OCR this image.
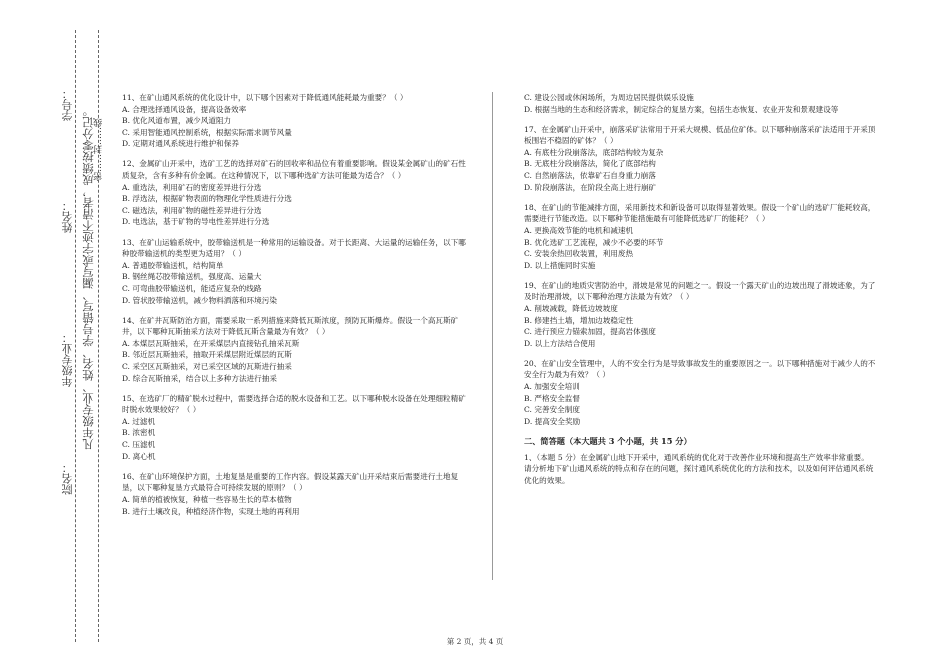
院名：
年级专业：
姓名：
学号：
凡年级专业、姓名、学号错写、漏写或字迹不清者，成绩按零分记。 密……封……线

11、在矿山通风系统的优化设计中，以下哪个因素对于降低通风能耗最为重要？（ ）

A. 合理选择通风设备，提高设备效率

B. 优化风道布置，减少风道阻力

C. 采用智能通风控制系统，根据实际需求调节风量

D. 定期对通风系统进行维护和保养

12、金属矿山开采中，选矿工艺的选择对矿石的回收率和品位有着重要影响。假设某金属矿山的矿石性质复杂，含有多种有价金属。在这种情况下，以下哪种选矿方法可能最为适合？（ ）

A. 重选法，利用矿石的密度差异进行分选

B. 浮选法，根据矿物表面的物理化学性质进行分选

C. 磁选法，利用矿物的磁性差异进行分选

D. 电选法，基于矿物的导电性差异进行分选

13、在矿山运输系统中，胶带输送机是一种常用的运输设备。对于长距离、大运量的运输任务，以下哪种胶带输送机的类型更为适用？（ ）

A. 普通胶带输送机，结构简单

B. 钢丝绳芯胶带输送机，强度高、运量大

C. 可弯曲胶带输送机，能适应复杂的线路

D. 管状胶带输送机，减少物料洒落和环境污染

14、在矿井瓦斯防治方面，需要采取一系列措施来降低瓦斯浓度，预防瓦斯爆炸。假设一个高瓦斯矿井，以下哪种瓦斯抽采方法对于降低瓦斯含量最为有效？（ ）

A. 本煤层瓦斯抽采，在开采煤层内直接钻孔抽采瓦斯

B. 邻近层瓦斯抽采，抽取开采煤层附近煤层的瓦斯

C. 采空区瓦斯抽采，对已采空区域的瓦斯进行抽采

D. 综合瓦斯抽采，结合以上多种方法进行抽采

15、在选矿厂的精矿脱水过程中，需要选择合适的脱水设备和工艺。以下哪种脱水设备在处理细粒精矿时脱水效果较好？（ ）

A. 过滤机

B. 浓密机

C. 压滤机

D. 离心机

16、在矿山环境保护方面，土地复垦是重要的工作内容。假设某露天矿山开采结束后需要进行土地复垦，以下哪种复垦方式最符合可持续发展的原则？（ ）

A. 简单的植被恢复，种植一些容易生长的草本植物

B. 进行土壤改良，种植经济作物，实现土地的再利用

C. 建设公园或休闲场所，为周边居民提供娱乐设施

D. 根据当地的生态和经济需求，制定综合的复垦方案，包括生态恢复、农业开发和景观建设等

17、在金属矿山开采中，崩落采矿法常用于开采大规模、低品位矿体。以下哪种崩落采矿法适用于开采顶板围岩不稳固的矿体？（ ）

A. 有底柱分段崩落法，底部结构较为复杂

B. 无底柱分段崩落法，简化了底部结构

C. 自然崩落法，依靠矿石自身重力崩落

D. 阶段崩落法，在阶段全高上进行崩矿

18、在矿山的节能减排方面，采用新技术和新设备可以取得显著效果。假设一个矿山的选矿厂能耗较高，需要进行节能改造。以下哪种节能措施最有可能降低选矿厂的能耗？（ ）

A. 更换高效节能的电机和减速机

B. 优化选矿工艺流程，减少不必要的环节

C. 安装余热回收装置，利用废热

D. 以上措施同时实施

19、在矿山的地质灾害防治中，滑坡是常见的问题之一。假设一个露天矿山的边坡出现了滑坡迹象，为了及时治理滑坡，以下哪种治理方法最为有效？（ ）

A. 削坡减载，降低边坡坡度

B. 修建挡土墙，增加边坡稳定性

C. 进行预应力锚索加固，提高岩体强度

D. 以上方法结合使用

20、在矿山安全管理中，人的不安全行为是导致事故发生的重要原因之一。以下哪种措施对于减少人的不安全行为最为有效？（ ）

A. 加强安全培训

B. 严格安全监督

C. 完善安全制度

D. 提高安全奖励

二、简答题（本大题共 3 个小题，共 15 分）

1、（本题 5 分）在金属矿山地下开采中，通风系统的优化对于改善作业环境和提高生产效率非常重要。请分析地下矿山通风系统的特点和存在的问题，探讨通风系统优化的方法和技术，以及如何评估通风系统优化的效果。

第 2 页，共 4 页
